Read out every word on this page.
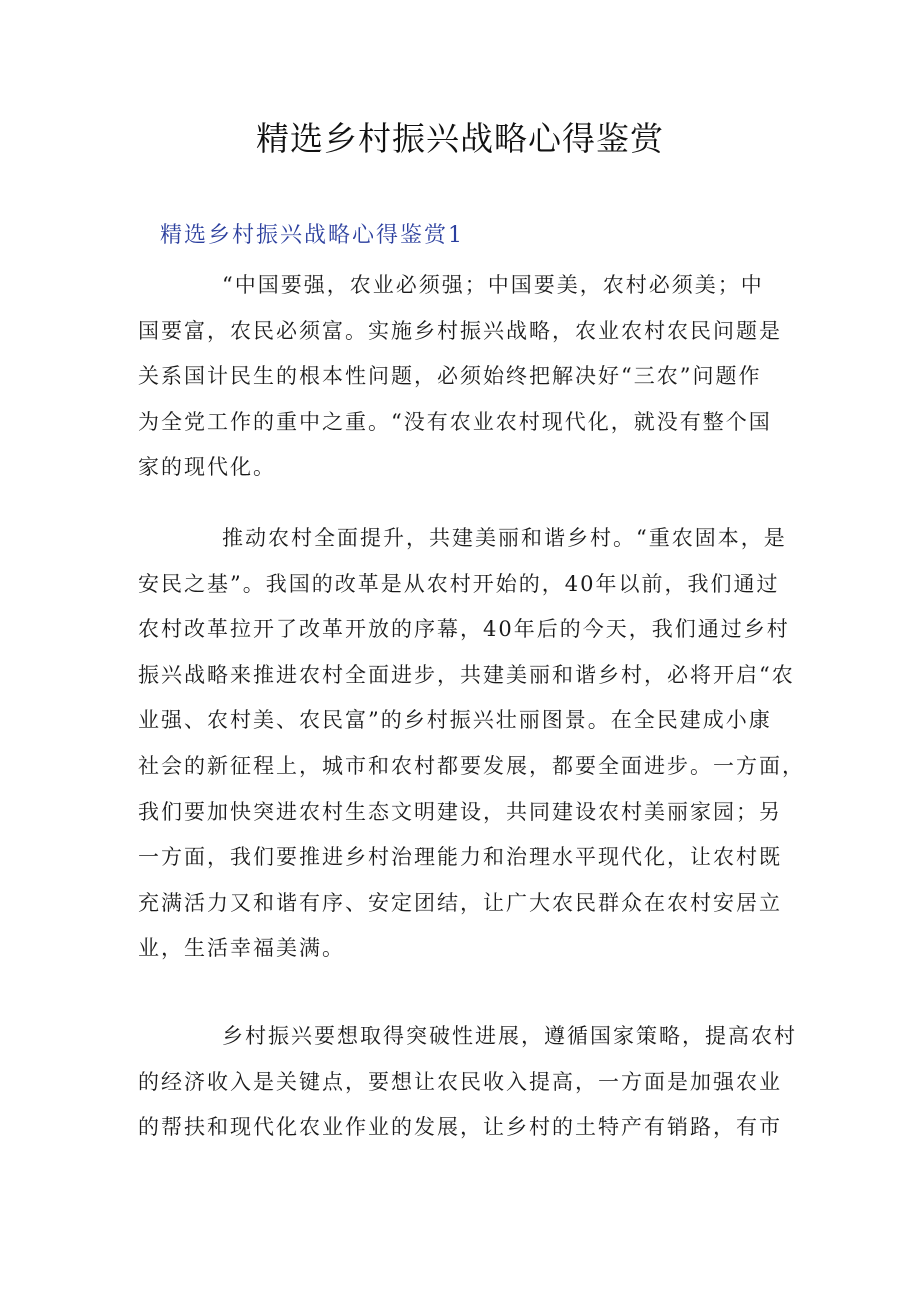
精选乡村振兴战略心得鉴赏
精选乡村振兴战略心得鉴赏1

“中国要强，农业必须强；中国要美，农村必须美；中
国要富，农民必须富。实施乡村振兴战略，农业农村农民问题是
关系国计民生的根本性问题，必须始终把解决好“三农”问题作
为全党工作的重中之重。“没有农业农村现代化，就没有整个国
家的现代化。

推动农村全面提升，共建美丽和谐乡村。“重农固本，是
安民之基”。我国的改革是从农村开始的，40年以前，我们通过
农村改革拉开了改革开放的序幕，40年后的今天，我们通过乡村
振兴战略来推进农村全面进步，共建美丽和谐乡村，必将开启“农
业强、农村美、农民富”的乡村振兴壮丽图景。在全民建成小康
社会的新征程上，城市和农村都要发展，都要全面进步。一方面，
我们要加快突进农村生态文明建设，共同建设农村美丽家园；另
一方面，我们要推进乡村治理能力和治理水平现代化，让农村既
充满活力又和谐有序、安定团结，让广大农民群众在农村安居立
业，生活幸福美满。

乡村振兴要想取得突破性进展，遵循国家策略，提高农村
的经济收入是关键点，要想让农民收入提高，一方面是加强农业
的帮扶和现代化农业作业的发展，让乡村的土特产有销路，有市
